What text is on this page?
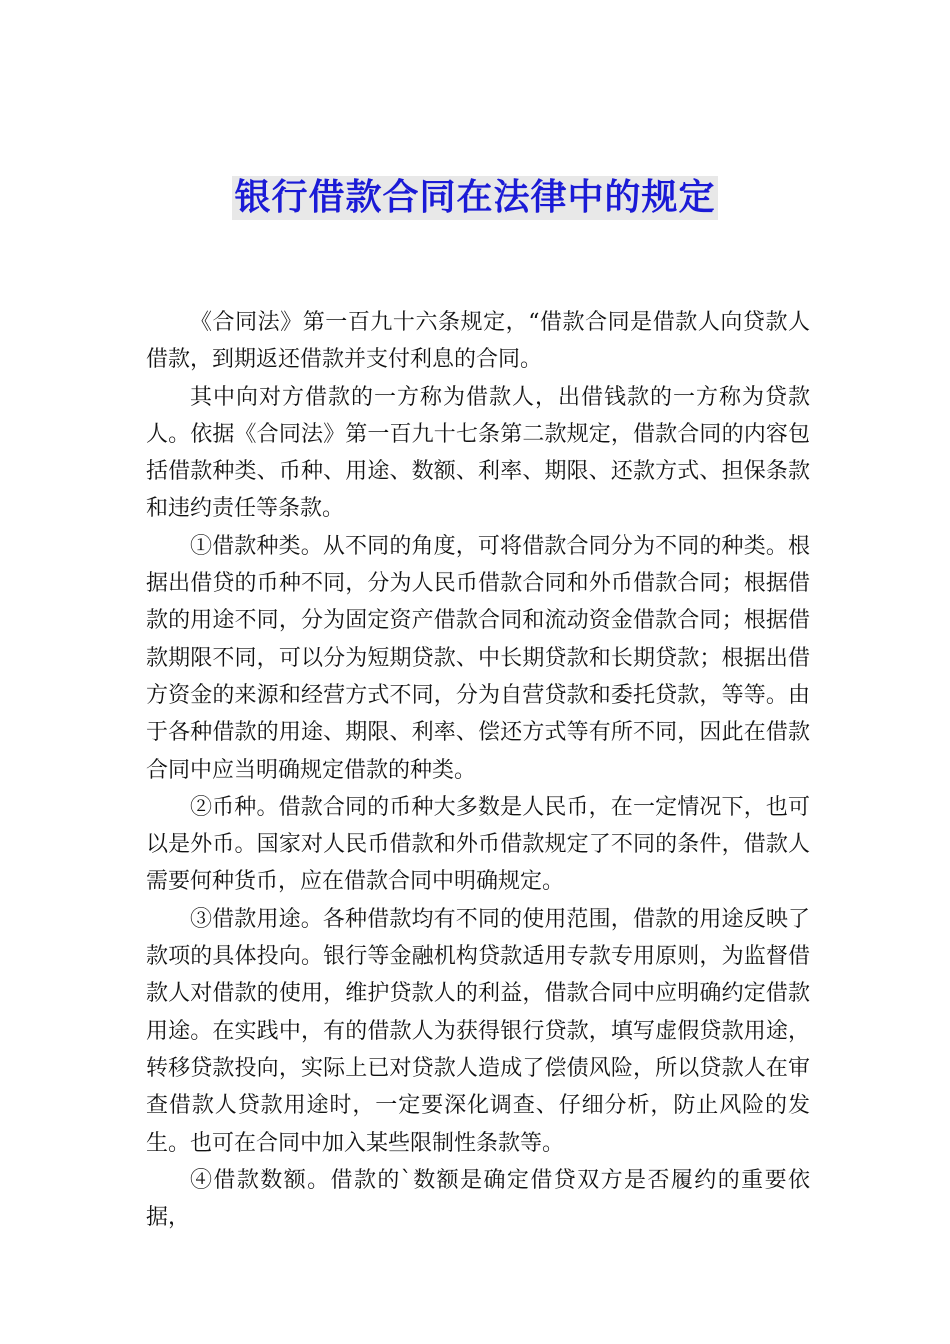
银行借款合同在法律中的规定

《合同法》第一百九十六条规定，“借款合同是借款人向贷款人借款，到期返还借款并支付利息的合同。

其中向对方借款的一方称为借款人，出借钱款的一方称为贷款人。依据《合同法》第一百九十七条第二款规定，借款合同的内容包括借款种类、币种、用途、数额、利率、期限、还款方式、担保条款和违约责任等条款。

①借款种类。从不同的角度，可将借款合同分为不同的种类。根据出借贷的币种不同，分为人民币借款合同和外币借款合同；根据借款的用途不同，分为固定资产借款合同和流动资金借款合同；根据借款期限不同，可以分为短期贷款、中长期贷款和长期贷款；根据出借方资金的来源和经营方式不同，分为自营贷款和委托贷款，等等。由于各种借款的用途、期限、利率、偿还方式等有所不同，因此在借款合同中应当明确规定借款的种类。

②币种。借款合同的币种大多数是人民币，在一定情况下，也可以是外币。国家对人民币借款和外币借款规定了不同的条件，借款人需要何种货币，应在借款合同中明确规定。

③借款用途。各种借款均有不同的使用范围，借款的用途反映了款项的具体投向。银行等金融机构贷款适用专款专用原则，为监督借款人对借款的使用，维护贷款人的利益，借款合同中应明确约定借款用途。在实践中，有的借款人为获得银行贷款，填写虚假贷款用途，转移贷款投向，实际上已对贷款人造成了偿债风险，所以贷款人在审查借款人贷款用途时，一定要深化调查、仔细分析，防止风险的发生。也可在合同中加入某些限制性条款等。

④借款数额。借款的`数额是确定借贷双方是否履约的重要依据，
